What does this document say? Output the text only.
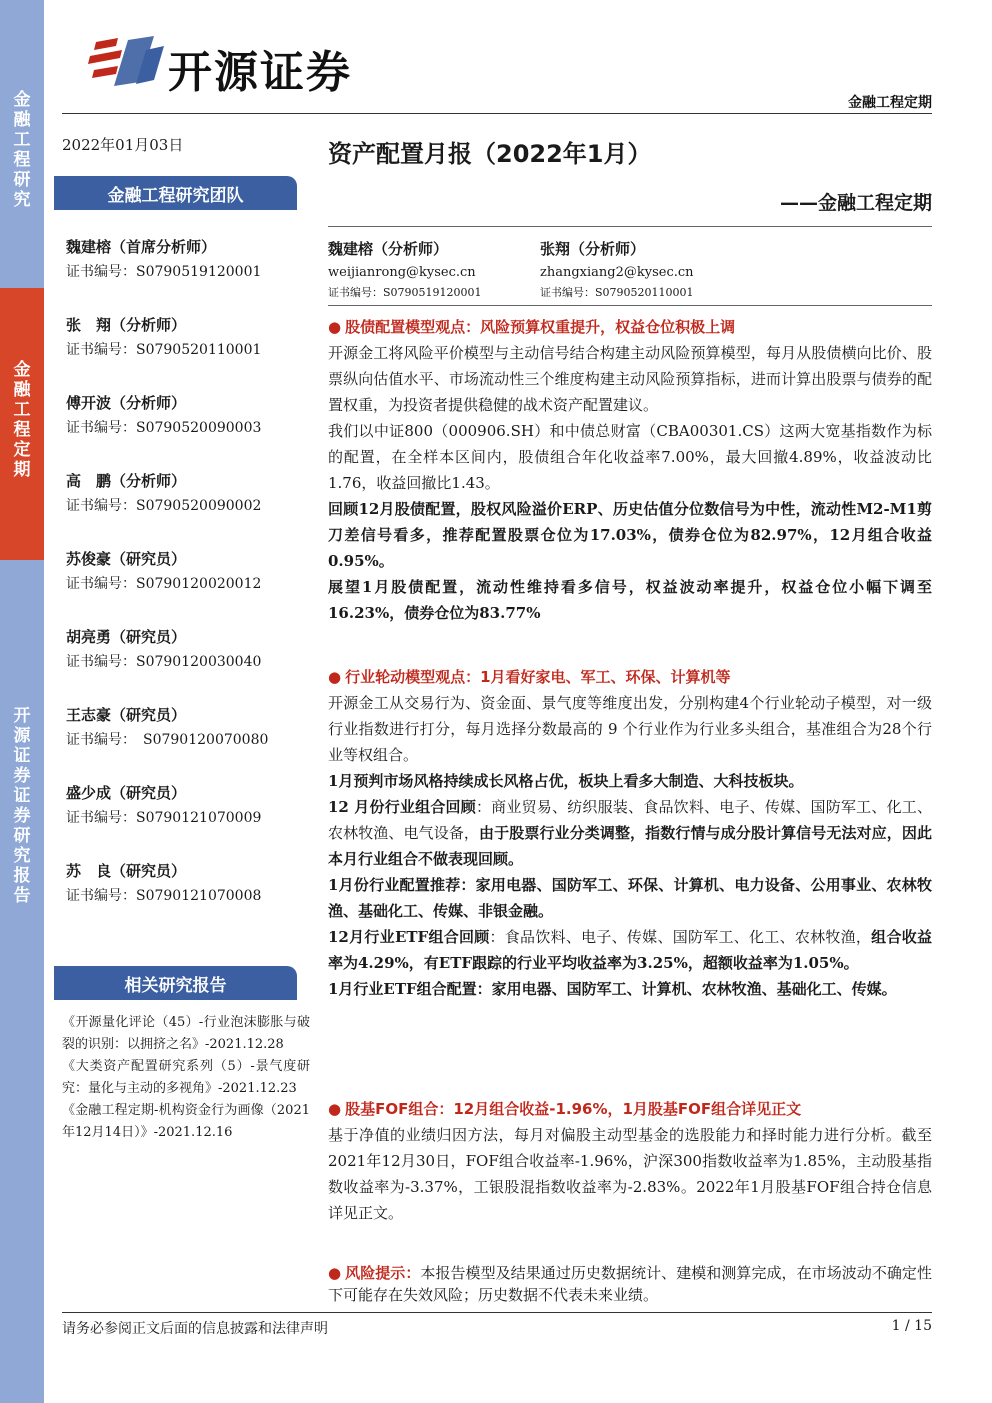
金融工程研究
金融工程定期
开源证券 证券研究报告
开源证券
金融工程定期
2022年01月03日	资产配置月报（2022年1月）
——金融工程定期
金融工程研究团队
魏建榕（首席分析师）
证书编号：S0790519120001
张　翔（分析师）
证书编号：S0790520110001
傅开波（分析师）
证书编号：S0790520090003
高　鹏（分析师）
证书编号：S0790520090002
苏俊豪（研究员）
证书编号：S0790120020012
胡亮勇（研究员）
证书编号：S0790120030040
王志豪（研究员）
证书编号：　S0790120070080
盛少成（研究员）
证书编号：S0790121070009
苏　良（研究员）
证书编号：S0790121070008
相关研究报告
《开源量化评论（45）-行业泡沫膨胀与破裂的识别：以拥挤之名》-2021.12.28
《大类资产配置研究系列（5）-景气度研究：量化与主动的多视角》-2021.12.23
《金融工程定期-机构资金行为画像（2021年12月14日）》-2021.12.16
魏建榕（分析师）
weijianrong@kysec.cn
证书编号：S0790519120001
张翔（分析师）
zhangxiang2@kysec.cn
证书编号：S0790520110001
● 股债配置模型观点：风险预算权重提升，权益仓位积极上调

开源金工将风险平价模型与主动信号结合构建主动风险预算模型，每月从股债横向比价、股票纵向估值水平、市场流动性三个维度构建主动风险预算指标，进而计算出股票与债券的配置权重，为投资者提供稳健的战术资产配置建议。

我们以中证800（000906.SH）和中债总财富（CBA00301.CS）这两大宽基指数作为标的配置，在全样本区间内，股债组合年化收益率7.00%，最大回撤4.89%，收益波动比1.76，收益回撤比1.43。

回顾12月股债配置，股权风险溢价ERP、历史估值分位数信号为中性，流动性M2-M1剪刀差信号看多，推荐配置股票仓位为17.03%，债券仓位为82.97%，12月组合收益0.95%。

展望1月股债配置，流动性维持看多信号，权益波动率提升，权益仓位小幅下调至16.23%，债券仓位为83.77%

● 行业轮动模型观点：1月看好家电、军工、环保、计算机等

开源金工从交易行为、资金面、景气度等维度出发，分别构建4个行业轮动子模型，对一级行业指数进行打分，每月选择分数最高的 9 个行业作为行业多头组合，基准组合为28个行业等权组合。

1月预判市场风格持续成长风格占优，板块上看多大制造、大科技板块。

12 月份行业组合回顾：商业贸易、纺织服装、食品饮料、电子、传媒、国防军工、化工、农林牧渔、电气设备，由于股票行业分类调整，指数行情与成分股计算信号无法对应，因此本月行业组合不做表现回顾。

1月份行业配置推荐：家用电器、国防军工、环保、计算机、电力设备、公用事业、农林牧渔、基础化工、传媒、非银金融。

12月行业ETF组合回顾：食品饮料、电子、传媒、国防军工、化工、农林牧渔，组合收益率为4.29%，有ETF跟踪的行业平均收益率为3.25%，超额收益率为1.05%。

1月行业ETF组合配置：家用电器、国防军工、计算机、农林牧渔、基础化工、传媒。

● 股基FOF组合：12月组合收益-1.96%，1月股基FOF组合详见正文

基于净值的业绩归因方法，每月对偏股主动型基金的选股能力和择时能力进行分析。截至2021年12月30日，FOF组合收益率-1.96%，沪深300指数收益率为1.85%，主动股基指数收益率为-3.37%，工银股混指数收益率为-2.83%。2022年1月股基FOF组合持仓信息详见正文。

● 风险提示：本报告模型及结果通过历史数据统计、建模和测算完成，在市场波动不确定性下可能存在失效风险；历史数据不代表未来业绩。

请务必参阅正文后面的信息披露和法律声明	1 / 15
